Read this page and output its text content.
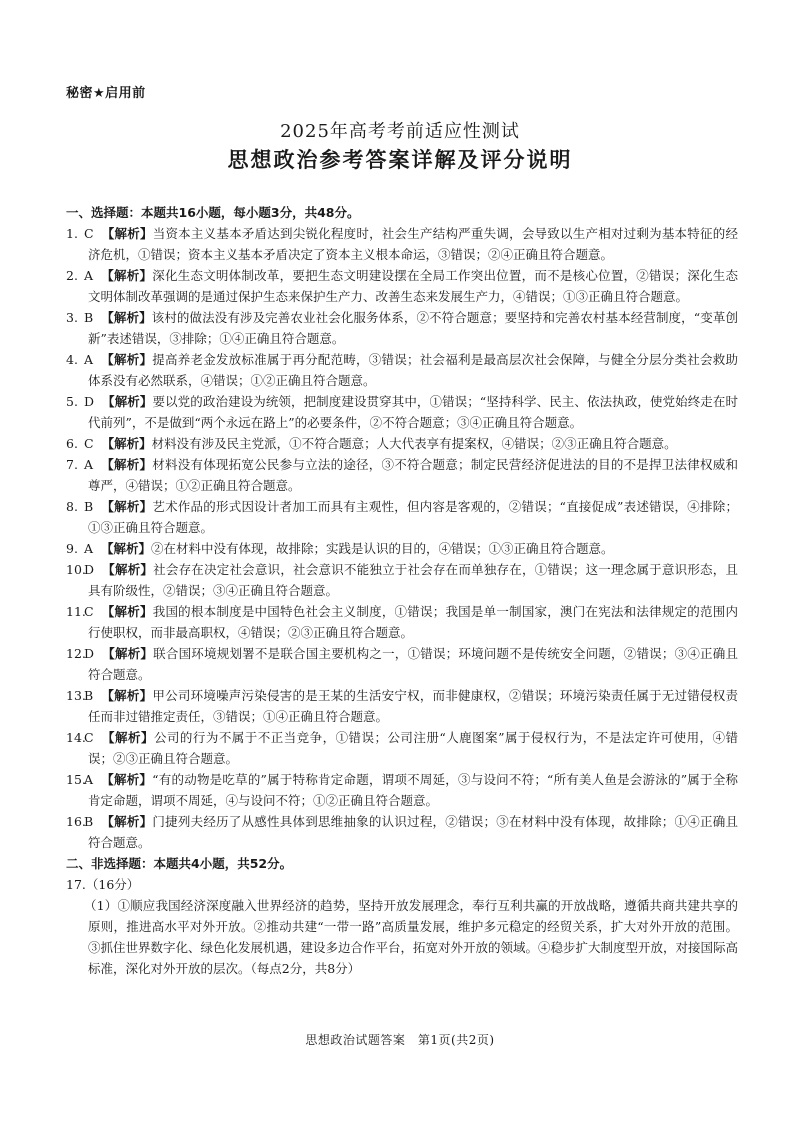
秘密★启用前
2025年高考考前适应性测试
思想政治参考答案详解及评分说明

一、选择题：本题共16小题，每小题3分，共48分。

1. C 【解析】当资本主义基本矛盾达到尖锐化程度时，社会生产结构严重失调，会导致以生产相对过剩为基本特征的经济危机，①错误；资本主义基本矛盾决定了资本主义根本命运，③错误；②④正确且符合题意。

2. A 【解析】深化生态文明体制改革，要把生态文明建设摆在全局工作突出位置，而不是核心位置，②错误；深化生态文明体制改革强调的是通过保护生态来保护生产力、改善生态来发展生产力，④错误；①③正确且符合题意。

3. B 【解析】该村的做法没有涉及完善农业社会化服务体系，②不符合题意；要坚持和完善农村基本经营制度，“变革创新”表述错误，③排除；①④正确且符合题意。

4. A 【解析】提高养老金发放标准属于再分配范畴，③错误；社会福利是最高层次社会保障，与健全分层分类社会救助体系没有必然联系，④错误；①②正确且符合题意。

5. D 【解析】要以党的政治建设为统领，把制度建设贯穿其中，①错误；“坚持科学、民主、依法执政，使党始终走在时代前列”，不是做到“两个永远在路上”的必要条件，②不符合题意；③④正确且符合题意。

6. C 【解析】材料没有涉及民主党派，①不符合题意；人大代表享有提案权，④错误；②③正确且符合题意。

7. A 【解析】材料没有体现拓宽公民参与立法的途径，③不符合题意；制定民营经济促进法的目的不是捍卫法律权威和尊严，④错误；①②正确且符合题意。

8. B 【解析】艺术作品的形式因设计者加工而具有主观性，但内容是客观的，②错误；“直接促成”表述错误，④排除；①③正确且符合题意。

9. A 【解析】②在材料中没有体现，故排除；实践是认识的目的，④错误；①③正确且符合题意。

10.D 【解析】社会存在决定社会意识，社会意识不能独立于社会存在而单独存在，①错误；这一理念属于意识形态，且具有阶级性，②错误；③④正确且符合题意。

11.C 【解析】我国的根本制度是中国特色社会主义制度，①错误；我国是单一制国家，澳门在宪法和法律规定的范围内行使职权，而非最高职权，④错误；②③正确且符合题意。

12.D 【解析】联合国环境规划署不是联合国主要机构之一，①错误；环境问题不是传统安全问题，②错误；③④正确且符合题意。

13.B 【解析】甲公司环境噪声污染侵害的是王某的生活安宁权，而非健康权，②错误；环境污染责任属于无过错侵权责任而非过错推定责任，③错误；①④正确且符合题意。

14.C 【解析】公司的行为不属于不正当竞争，①错误；公司注册“人鹿图案”属于侵权行为，不是法定许可使用，④错误；②③正确且符合题意。

15.A 【解析】“有的动物是吃草的”属于特称肯定命题，谓项不周延，③与设问不符；“所有美人鱼是会游泳的”属于全称肯定命题，谓项不周延，④与设问不符；①②正确且符合题意。

16.B 【解析】门捷列夫经历了从感性具体到思维抽象的认识过程，②错误；③在材料中没有体现，故排除；①④正确且符合题意。

二、非选择题：本题共4小题，共52分。

17.（16分）

（1）①顺应我国经济深度融入世界经济的趋势，坚持开放发展理念，奉行互利共赢的开放战略，遵循共商共建共享的原则，推进高水平对外开放。②推动共建“一带一路”高质量发展，维护多元稳定的经贸关系，扩大对外开放的范围。③抓住世界数字化、绿色化发展机遇，建设多边合作平台，拓宽对外开放的领域。④稳步扩大制度型开放，对接国际高标准，深化对外开放的层次。（每点2分，共8分）

思想政治试题答案　第1页(共2页)
